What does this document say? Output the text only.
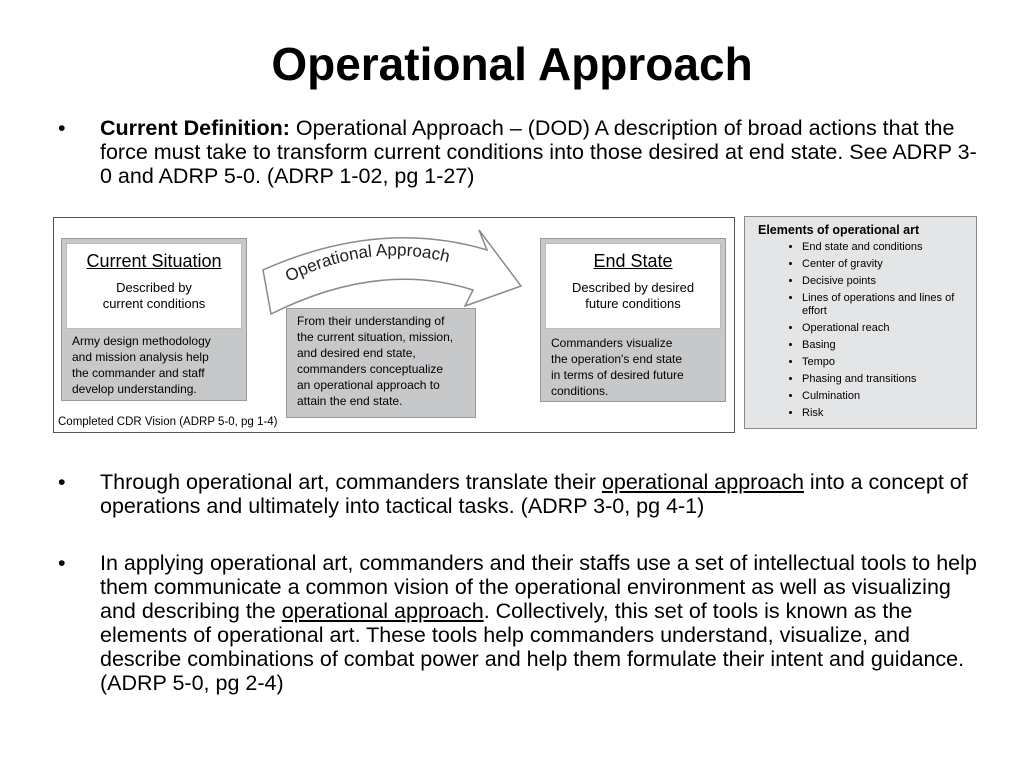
Operational Approach

• Current Definition: Operational Approach – (DOD) A description of broad actions that the force must take to transform current conditions into those desired at end state. See ADRP 3-0 and ADRP 5-0. (ADRP 1-02, pg 1-27)

Current Situation
Described by
current conditions
Army design methodology
and mission analysis help
the commander and staff
develop understanding.
From their understanding of
the current situation, mission,
and desired end state,
commanders conceptualize
an operational approach to
attain the end state.
Operational Approach	End State
Described by desired
future conditions
Commanders visualize
the operation's end state
in terms of desired future
conditions.
Completed CDR Vision (ADRP 5-0, pg 1-4)
Elements of operational art
• End state and conditions
• Center of gravity
• Decisive points
• Lines of operations and lines of effort
• Operational reach
• Basing
• Tempo
• Phasing and transitions
• Culmination
• Risk

• Through operational art, commanders translate their operational approach into a concept of operations and ultimately into tactical tasks. (ADRP 3-0, pg 4-1)

• In applying operational art, commanders and their staffs use a set of intellectual tools to help them communicate a common vision of the operational environment as well as visualizing and describing the operational approach. Collectively, this set of tools is known as the elements of operational art. These tools help commanders understand, visualize, and describe combinations of combat power and help them formulate their intent and guidance. (ADRP 5-0, pg 2-4)
